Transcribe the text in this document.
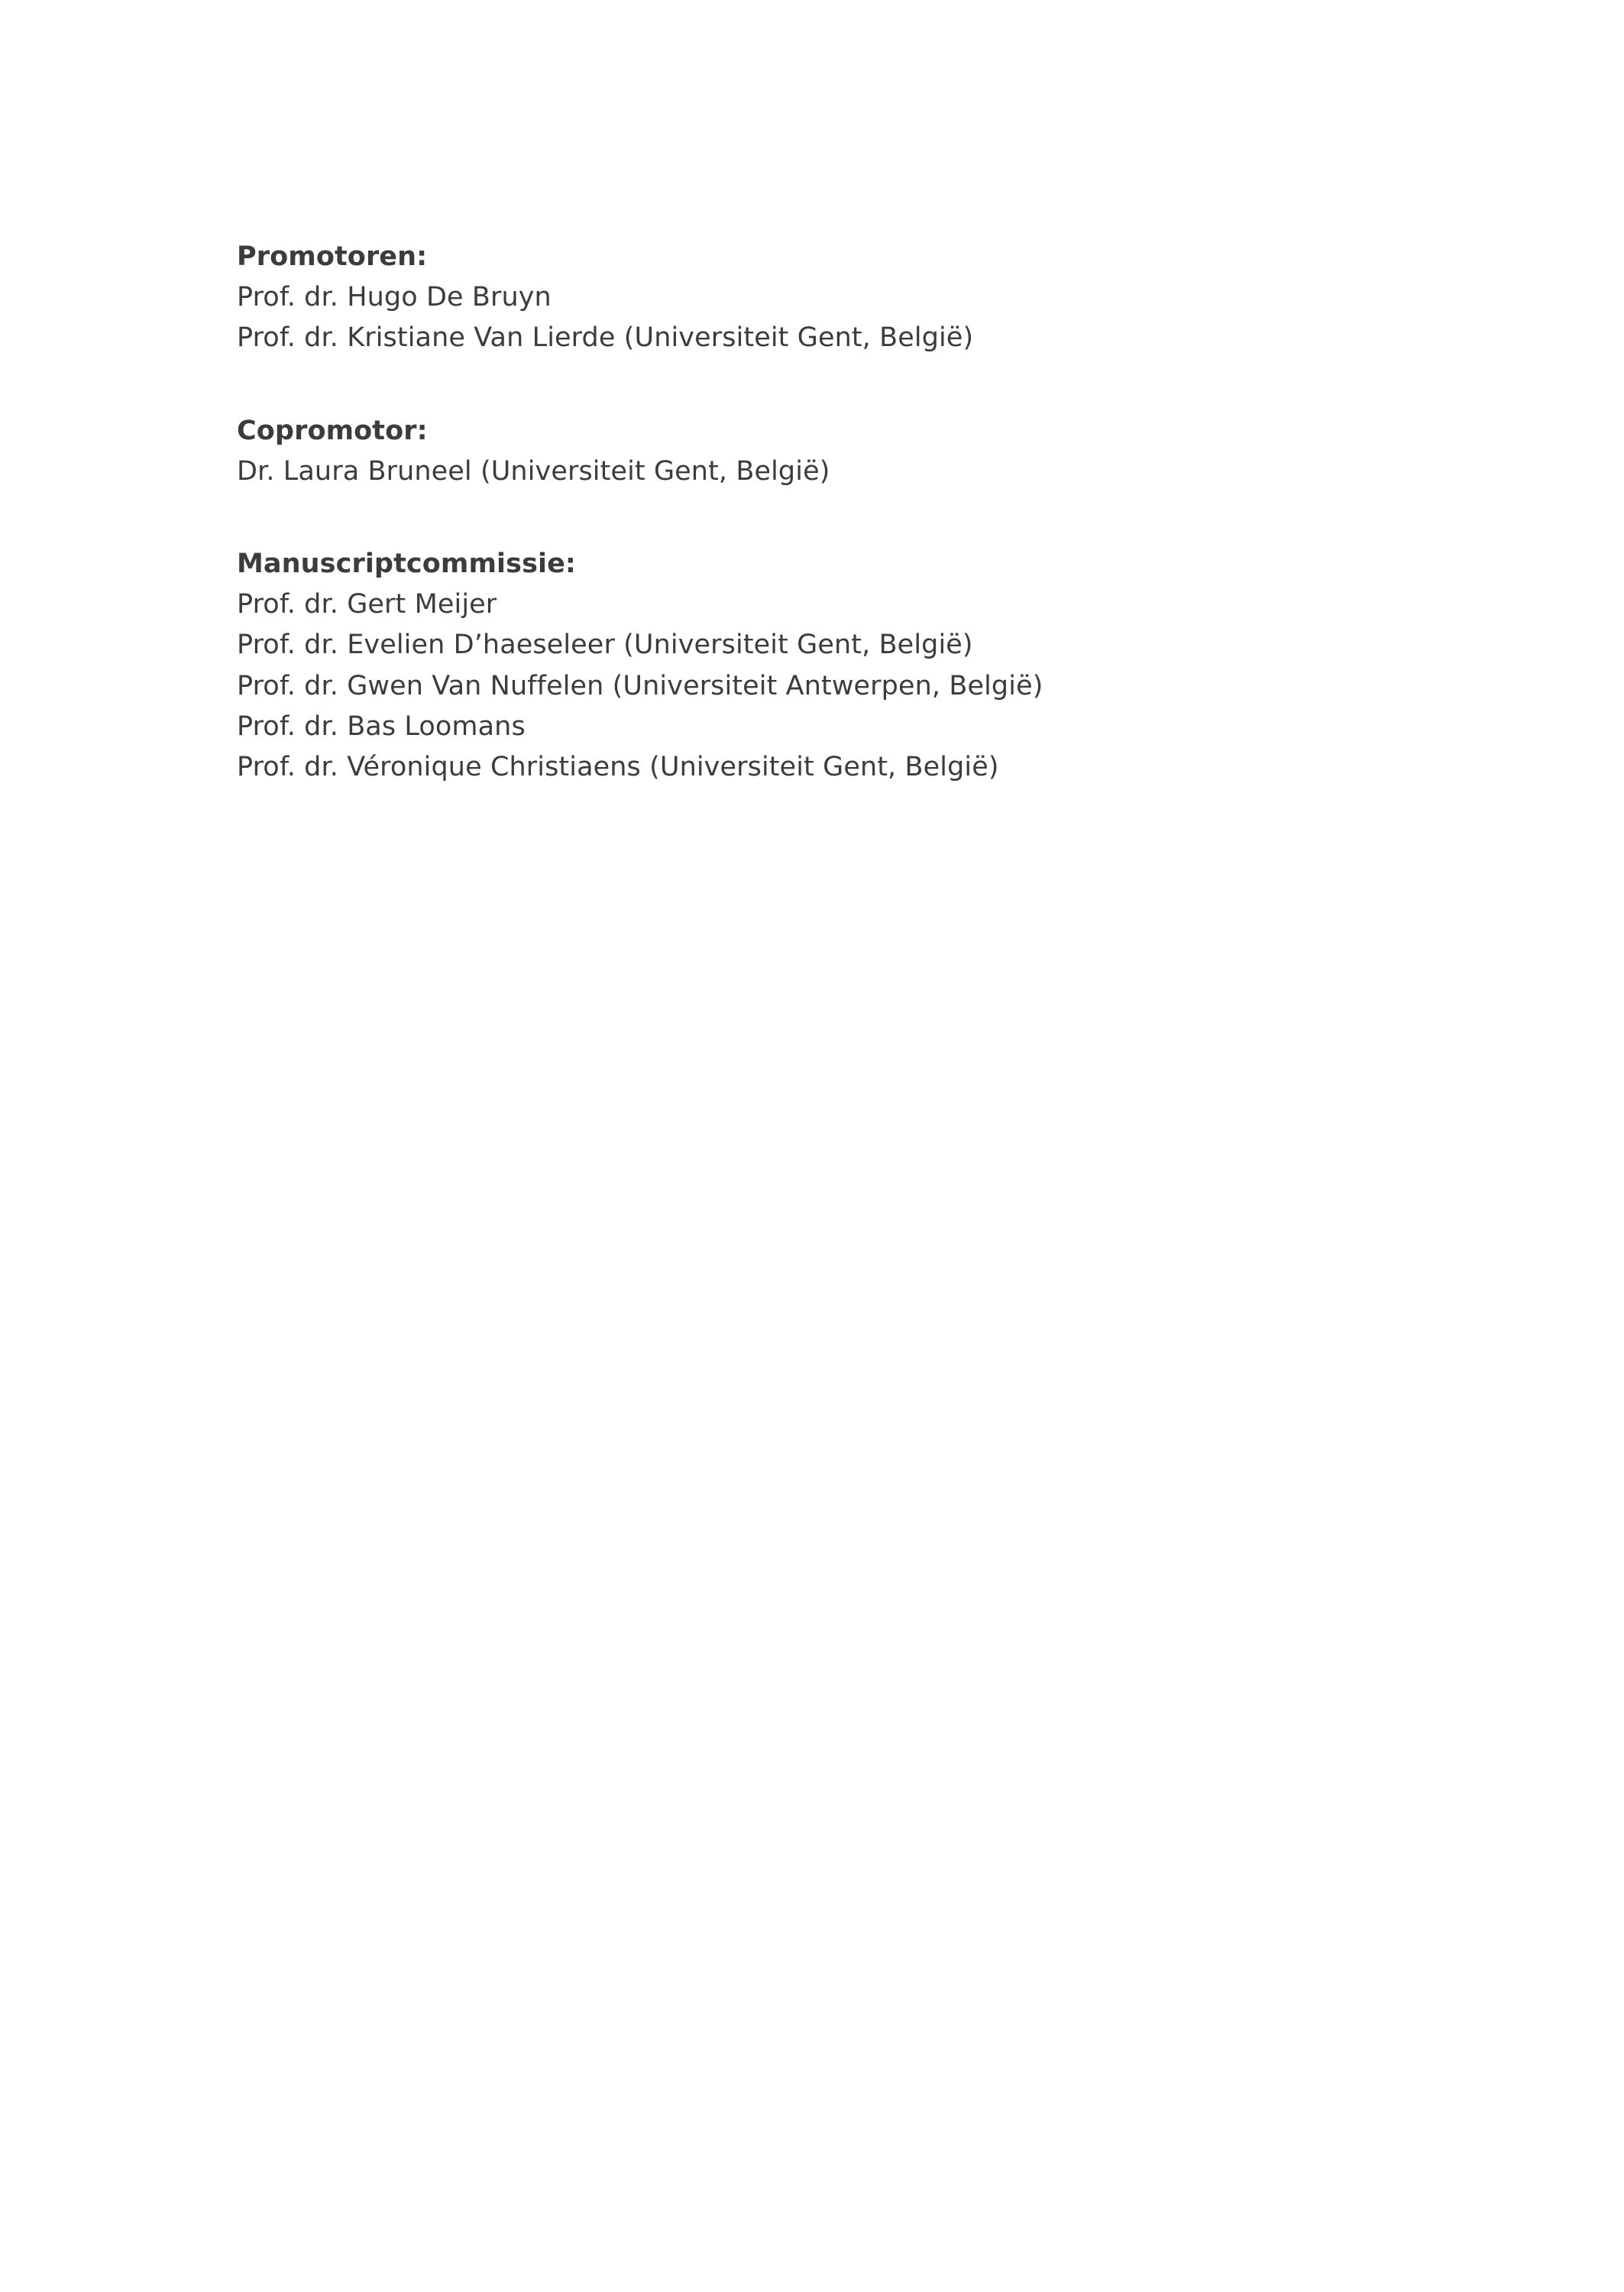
Promotoren:
Prof. dr. Hugo De Bruyn
Prof. dr. Kristiane Van Lierde (Universiteit Gent, België)
Copromotor:
Dr. Laura Bruneel (Universiteit Gent, België)
Manuscriptcommissie:
Prof. dr. Gert Meijer
Prof. dr. Evelien D’haeseleer (Universiteit Gent, België)
Prof. dr. Gwen Van Nuffelen (Universiteit Antwerpen, België)
Prof. dr. Bas Loomans
Prof. dr. Véronique Christiaens (Universiteit Gent, België)
